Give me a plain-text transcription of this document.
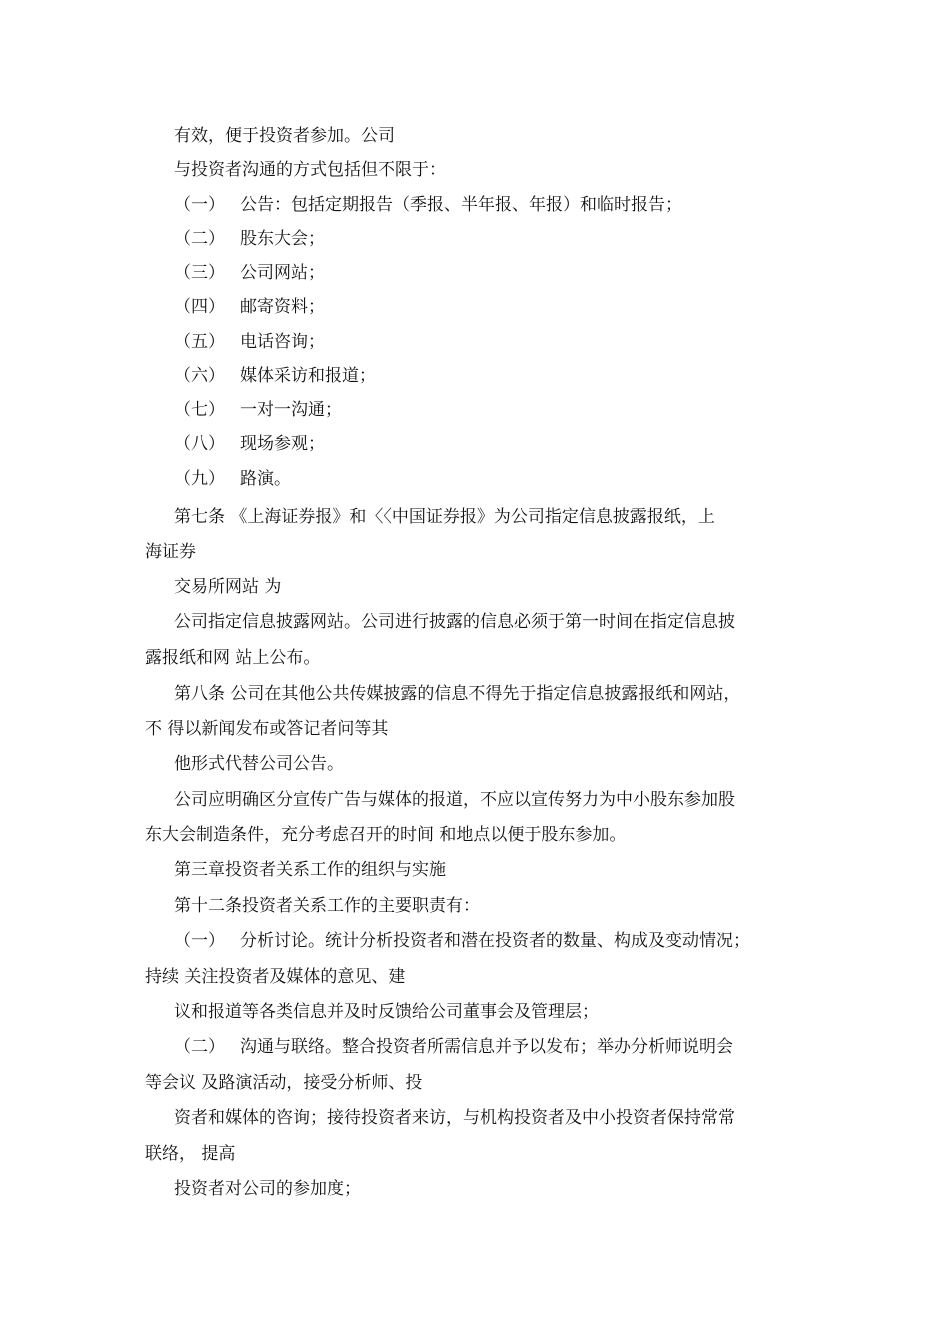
有效，便于投资者参加。公司
与投资者沟通的方式包括但不限于：
（一） 公告：包括定期报告（季报、半年报、年报）和临时报告；
（二） 股东大会；
（三） 公司网站；
（四） 邮寄资料；
（五） 电话咨询；
（六） 媒体采访和报道；
（七） 一对一沟通；
（八） 现场参观；
（九） 路演。
第七条 《上海证券报》和〈〈中国证券报》为公司指定信息披露报纸，上
海证券
交易所网站 为
公司指定信息披露网站。公司进行披露的信息必须于第一时间在指定信息披
露报纸和网 站上公布。
第八条 公司在其他公共传媒披露的信息不得先于指定信息披露报纸和网站，
不 得以新闻发布或答记者问等其
他形式代替公司公告。
公司应明确区分宣传广告与媒体的报道，不应以宣传努力为中小股东参加股
东大会制造条件，充分考虑召开的时间 和地点以便于股东参加。
第三章投资者关系工作的组织与实施
第十二条投资者关系工作的主要职责有：
（一） 分析讨论。统计分析投资者和潜在投资者的数量、构成及变动情况；
持续 关注投资者及媒体的意见、建
议和报道等各类信息并及时反馈给公司董事会及管理层；
（二） 沟通与联络。整合投资者所需信息并予以发布；举办分析师说明会
等会议 及路演活动，接受分析师、投
资者和媒体的咨询；接待投资者来访，与机构投资者及中小投资者保持常常
联络， 提高
投资者对公司的参加度；
